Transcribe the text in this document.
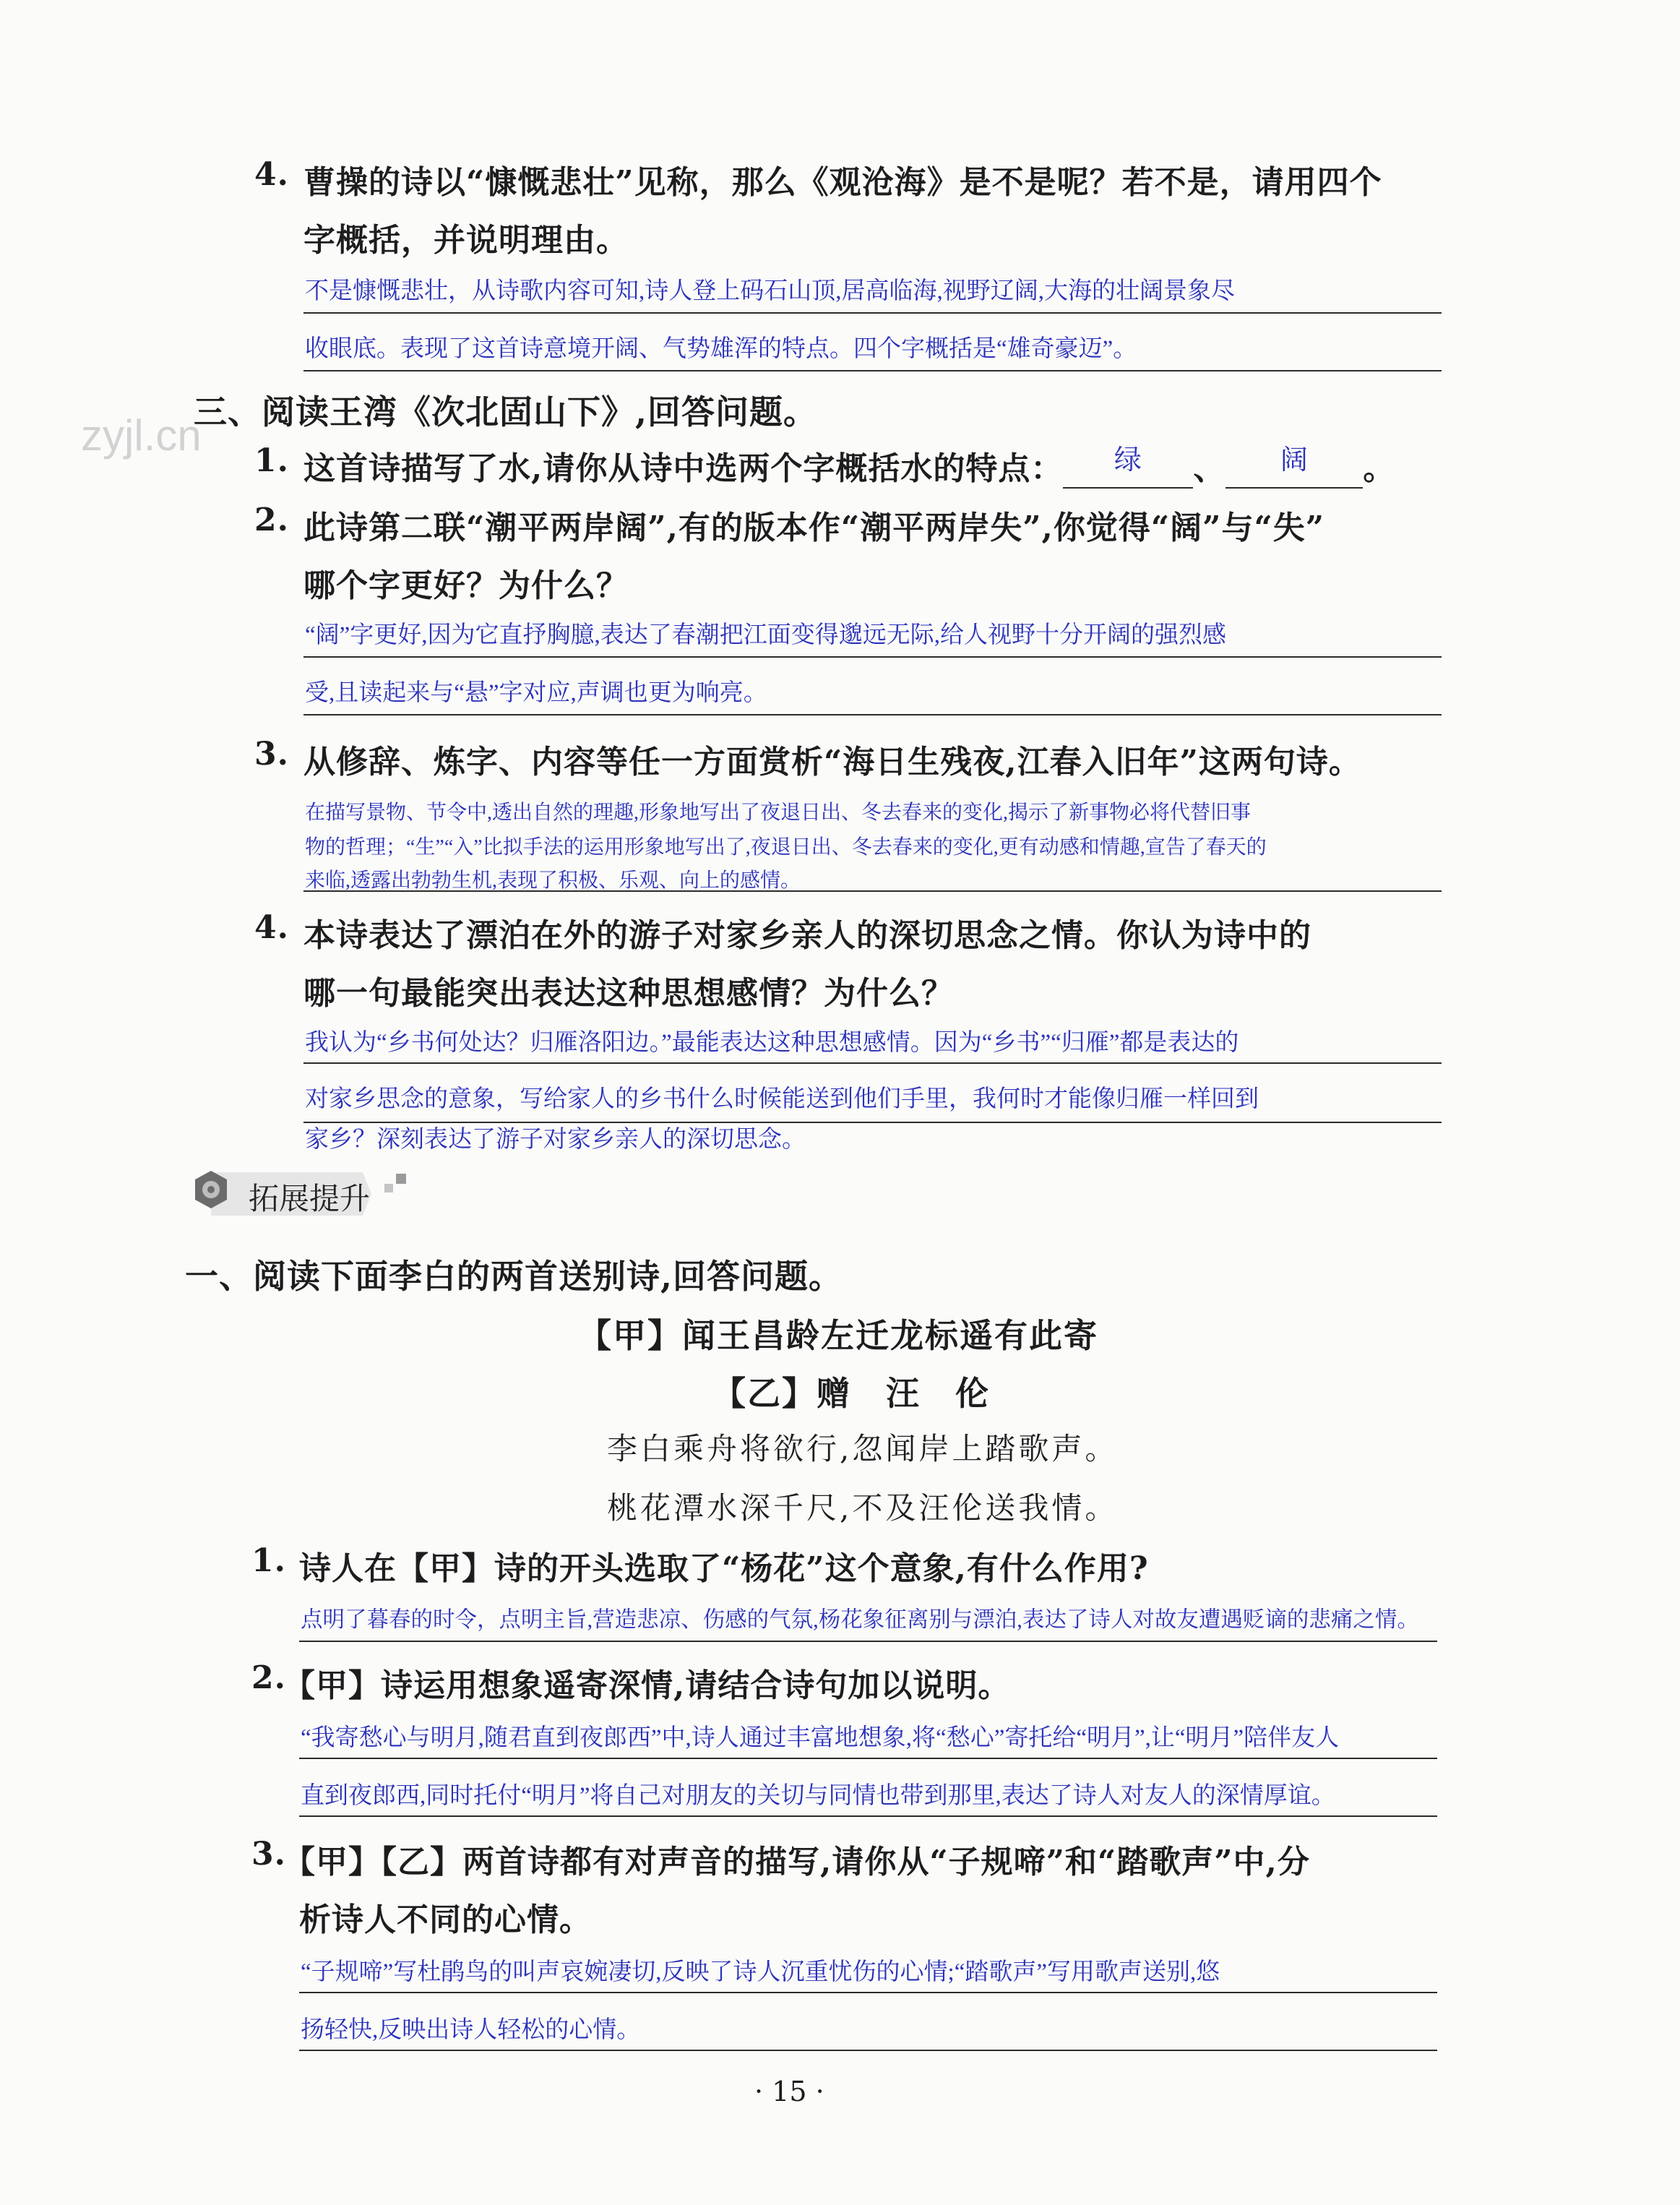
zyjl.cn
4. 曹操的诗以“慷慨悲壮”见称，那么《观沧海》是不是呢？若不是，请用四个
字概括，并说明理由。
不是慷慨悲壮，从诗歌内容可知,诗人登上码石山顶,居高临海,视野辽阔,大海的壮阔景象尽
收眼底。表现了这首诗意境开阔、气势雄浑的特点。四个字概括是“雄奇豪迈”。
三、阅读王湾《次北固山下》,回答问题。
1. 这首诗描写了水,请你从诗中选两个字概括水的特点： 绿 、 阔 。
2. 此诗第二联“潮平两岸阔”,有的版本作“潮平两岸失”,你觉得“阔”与“失”
哪个字更好？为什么？
“阔”字更好,因为它直抒胸臆,表达了春潮把江面变得邈远无际,给人视野十分开阔的强烈感
受,且读起来与“悬”字对应,声调也更为响亮。
3. 从修辞、炼字、内容等任一方面赏析“海日生残夜,江春入旧年”这两句诗。
在描写景物、节令中,透出自然的理趣,形象地写出了夜退日出、冬去春来的变化,揭示了新事物必将代替旧事
物的哲理；“生”“入”比拟手法的运用形象地写出了,夜退日出、冬去春来的变化,更有动感和情趣,宣告了春天的
来临,透露出勃勃生机,表现了积极、乐观、向上的感情。
4. 本诗表达了漂泊在外的游子对家乡亲人的深切思念之情。你认为诗中的
哪一句最能突出表达这种思想感情？为什么？
我认为“乡书何处达？归雁洛阳边。”最能表达这种思想感情。因为“乡书”“归雁”都是表达的
对家乡思念的意象，写给家人的乡书什么时候能送到他们手里，我何时才能像归雁一样回到
家乡？深刻表达了游子对家乡亲人的深切思念。
拓展提升
一、阅读下面李白的两首送别诗,回答问题。
【甲】闻王昌龄左迁龙标遥有此寄
【乙】赠　汪　伦
李白乘舟将欲行,忽闻岸上踏歌声。
桃花潭水深千尺,不及汪伦送我情。
1. 诗人在【甲】诗的开头选取了“杨花”这个意象,有什么作用?
点明了暮春的时令，点明主旨,营造悲凉、伤感的气氛,杨花象征离别与漂泊,表达了诗人对故友遭遇贬谪的悲痛之情。
2.
【甲】诗运用想象遥寄深情,请结合诗句加以说明。
“我寄愁心与明月,随君直到夜郎西”中,诗人通过丰富地想象,将“愁心”寄托给“明月”,让“明月”陪伴友人
直到夜郎西,同时托付“明月”将自己对朋友的关切与同情也带到那里,表达了诗人对友人的深情厚谊。
3.
【甲】【乙】两首诗都有对声音的描写,请你从“子规啼”和“踏歌声”中,分
析诗人不同的心情。
“子规啼”写杜鹃鸟的叫声哀婉凄切,反映了诗人沉重忧伤的心情;“踏歌声”写用歌声送别,悠
扬轻快,反映出诗人轻松的心情。
· 15 ·
